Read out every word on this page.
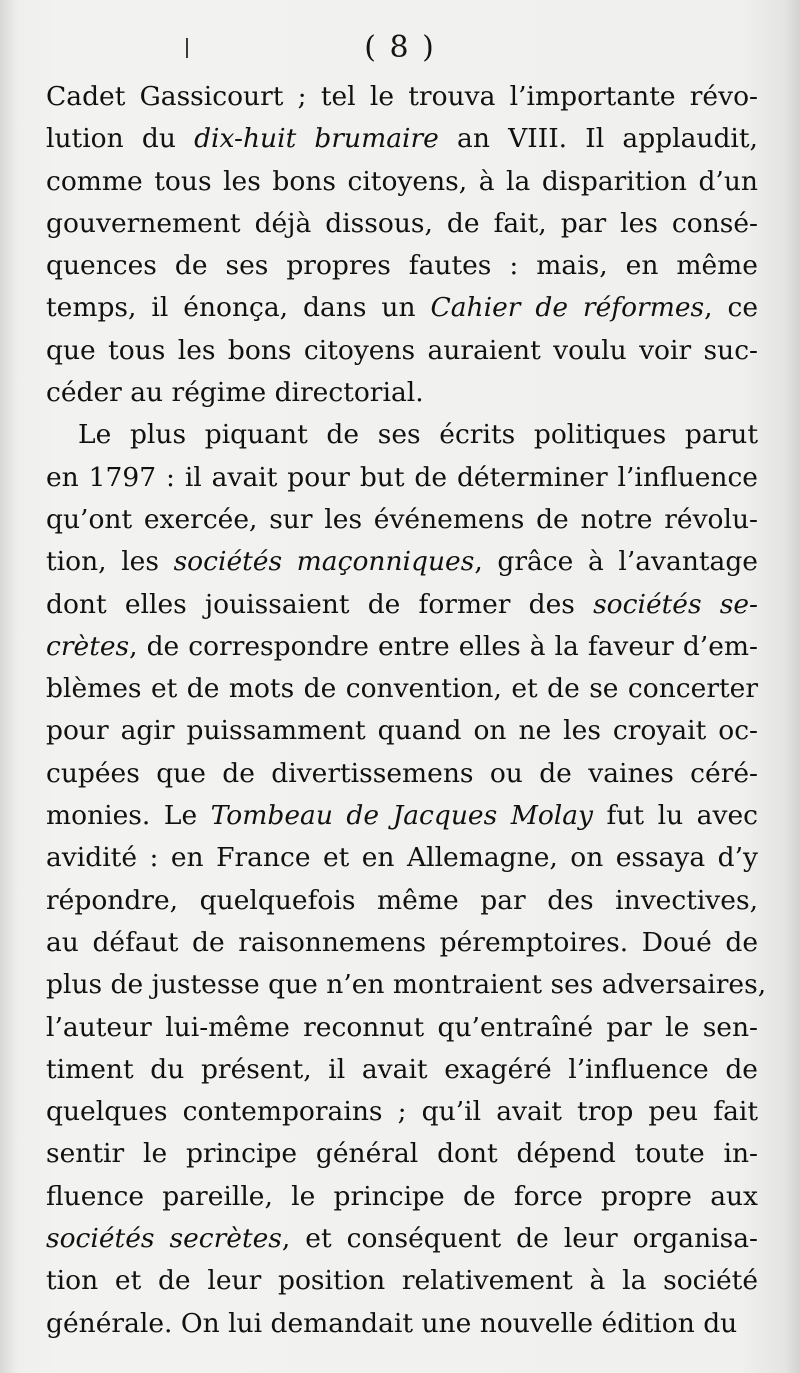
( 8 )
Cadet Gassicourt ; tel le trouva l’importante révo-
lution du dix-huit brumaire an VIII. Il applaudit,
comme tous les bons citoyens, à la disparition d’un
gouvernement déjà dissous, de fait, par les consé-
quences de ses propres fautes : mais, en même
temps, il énonça, dans un Cahier de réformes, ce
que tous les bons citoyens auraient voulu voir suc-
céder au régime directorial.
Le plus piquant de ses écrits politiques parut
en 1797 : il avait pour but de déterminer l’influence
qu’ont exercée, sur les événemens de notre révolu-
tion, les sociétés maçonniques, grâce à l’avantage
dont elles jouissaient de former des sociétés se-
crètes, de correspondre entre elles à la faveur d’em-
blèmes et de mots de convention, et de se concerter
pour agir puissamment quand on ne les croyait oc-
cupées que de divertissemens ou de vaines céré-
monies. Le Tombeau de Jacques Molay fut lu avec
avidité : en France et en Allemagne, on essaya d’y
répondre, quelquefois même par des invectives,
au défaut de raisonnemens péremptoires. Doué de
plus de justesse que n’en montraient ses adversaires,
l’auteur lui-même reconnut qu’entraîné par le sen-
timent du présent, il avait exagéré l’influence de
quelques contemporains ; qu’il avait trop peu fait
sentir le principe général dont dépend toute in-
fluence pareille, le principe de force propre aux
sociétés secrètes, et conséquent de leur organisa-
tion et de leur position relativement à la société
générale. On lui demandait une nouvelle édition du
